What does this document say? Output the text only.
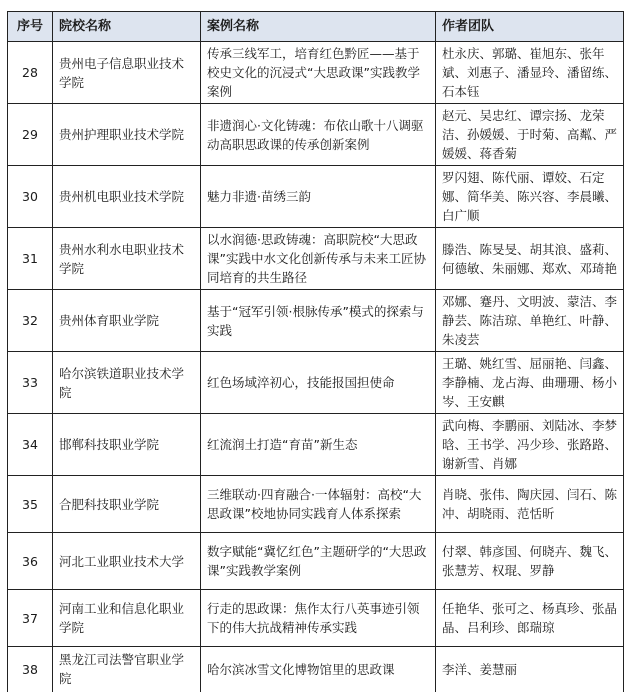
序号	院校名称	案例名称	作者团队
28	贵州电子信息职业技术学院	传承三线军工，培育红色黔匠——基于校史文化的沉浸式“大思政课”实践教学案例	杜永庆、郭璐、崔旭东、张年斌、刘惠子、潘显玲、潘留练、石本钰
29	贵州护理职业技术学院	非遗润心·文化铸魂：布依山歌十八调驱动高职思政课的传承创新案例	赵元、吴忠红、谭宗扬、龙荣洁、孙媛媛、于时菊、高粼、严媛媛、蒋香菊
30	贵州机电职业技术学院	魅力非遗·苗绣三韵	罗闪翅、陈代丽、谭姣、石定娜、简华美、陈兴容、李晨曦、白广顺
31	贵州水利水电职业技术学院	以水润德·思政铸魂：高职院校“大思政课”实践中水文化创新传承与未来工匠协同培育的共生路径	滕浩、陈旻旻、胡其浪、盛莉、何德敏、朱丽娜、郑欢、邓琦艳
32	贵州体育职业学院	基于“冠军引领·根脉传承”模式的探索与实践	邓娜、蹇丹、文明波、蒙洁、李静芸、陈洁琼、单艳红、叶静、朱凌芸
33	哈尔滨铁道职业技术学院	红色场域淬初心，技能报国担使命	王璐、姚红雪、屈丽艳、闫鑫、李静楠、龙占海、曲珊珊、杨小岑、王安麒
34	邯郸科技职业学院	红流润土打造“育苗”新生态	武向梅、李鹏丽、刘陆冰、李梦晗、王书学、冯少珍、张路路、谢新雪、肖娜
35	合肥科技职业学院	三维联动·四育融合·一体辐射：高校“大思政课”校地协同实践育人体系探索	肖晓、张伟、陶庆园、闫石、陈冲、胡晓雨、范恬昕
36	河北工业职业技术大学	数字赋能“冀忆红色”主题研学的“大思政课”实践教学案例	付翠、韩彦国、何晓卉、魏飞、张慧芳、权琨、罗静
37	河南工业和信息化职业学院	行走的思政课：焦作太行八英事迹引领下的伟大抗战精神传承实践	任艳华、张可之、杨真珍、张晶晶、吕利珍、郎瑞琼
38	黑龙江司法警官职业学院	哈尔滨冰雪文化博物馆里的思政课	李洋、姜慧丽
